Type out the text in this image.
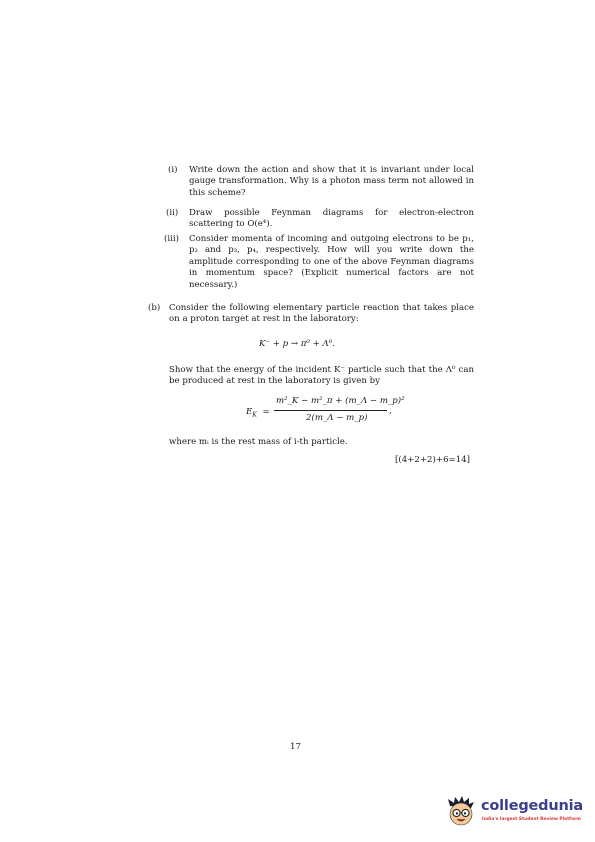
(i) Write down the action and show that it is invariant under local gauge transformation. Why is a photon mass term not allowed in this scheme?
(ii) Draw possible Feynman diagrams for electron-electron scattering to O(e⁴).
(iii) Consider momenta of incoming and outgoing electrons to be p₁, p₂ and p₃, p₄, respectively. How will you write down the amplitude corresponding to one of the above Feynman diagrams in momentum space? (Explicit numerical factors are not necessary.)
(b) Consider the following elementary particle reaction that takes place on a proton target at rest in the laboratory:
K⁻ + p → π⁰ + Λ⁰.
Show that the energy of the incident K⁻ particle such that the Λ⁰ can be produced at rest in the laboratory is given by
$E_K$ =
m²_K − m²_π + (m_Λ − m_p)²
2(m_Λ − m_p)
,
where mᵢ is the rest mass of i-th particle.
[(4+2+2)+6=14]
17
collegedunia
India's largest Student Review Platform
